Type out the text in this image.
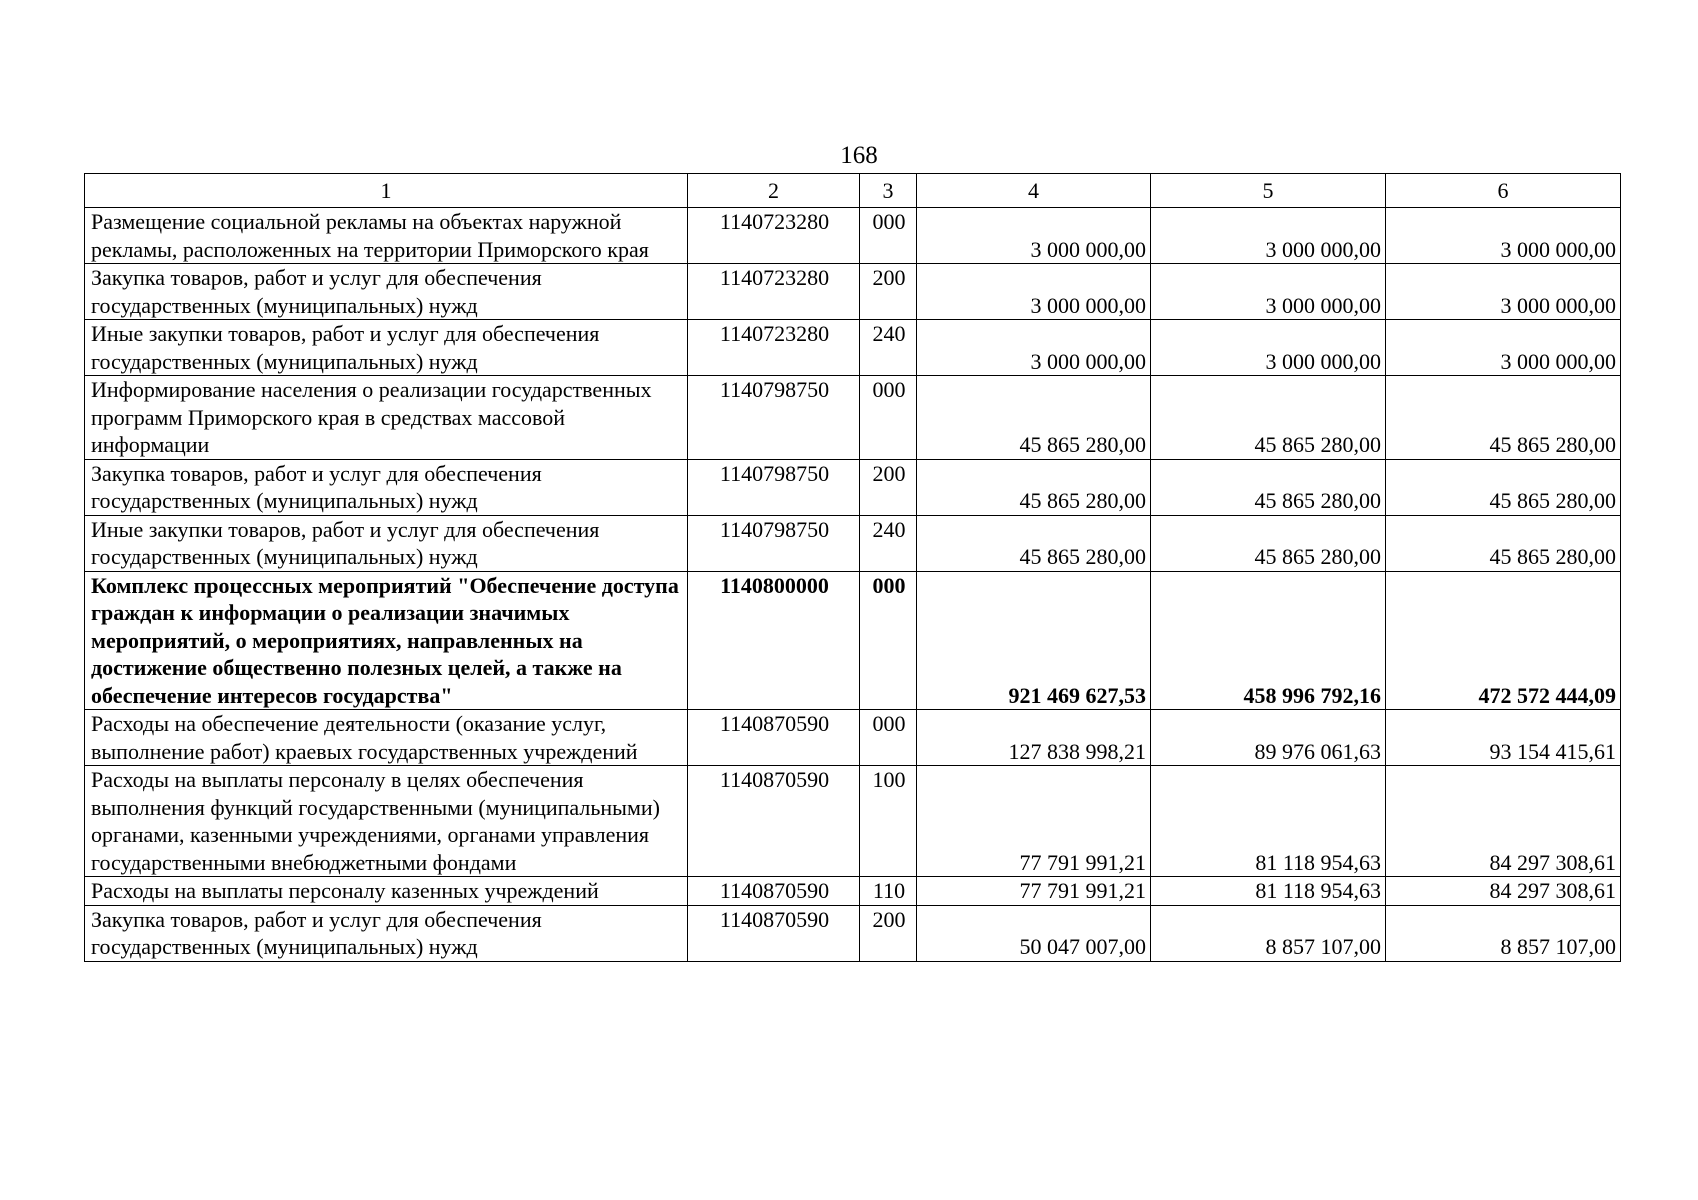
168
1	2	3	4	5	6
Размещение социальной рекламы на объектах наружной рекламы, расположенных на территории Приморского края	1140723280	000	3 000 000,00	3 000 000,00	3 000 000,00
Закупка товаров, работ и услуг для обеспечения государственных (муниципальных) нужд	1140723280	200	3 000 000,00	3 000 000,00	3 000 000,00
Иные закупки товаров, работ и услуг для обеспечения государственных (муниципальных) нужд	1140723280	240	3 000 000,00	3 000 000,00	3 000 000,00
Информирование населения о реализации государственных программ Приморского края в средствах массовой информации	1140798750	000	45 865 280,00	45 865 280,00	45 865 280,00
Закупка товаров, работ и услуг для обеспечения государственных (муниципальных) нужд	1140798750	200	45 865 280,00	45 865 280,00	45 865 280,00
Иные закупки товаров, работ и услуг для обеспечения государственных (муниципальных) нужд	1140798750	240	45 865 280,00	45 865 280,00	45 865 280,00
Комплекс процессных мероприятий "Обеспечение доступа граждан к информации о реализации значимых мероприятий, о мероприятиях, направленных на достижение общественно полезных целей, а также на обеспечение интересов государства"	1140800000	000	921 469 627,53	458 996 792,16	472 572 444,09
Расходы на обеспечение деятельности (оказание услуг, выполнение работ) краевых государственных учреждений	1140870590	000	127 838 998,21	89 976 061,63	93 154 415,61
Расходы на выплаты персоналу в целях обеспечения выполнения функций государственными (муниципальными) органами, казенными учреждениями, органами управления государственными внебюджетными фондами	1140870590	100	77 791 991,21	81 118 954,63	84 297 308,61
Расходы на выплаты персоналу казенных учреждений	1140870590	110	77 791 991,21	81 118 954,63	84 297 308,61
Закупка товаров, работ и услуг для обеспечения государственных (муниципальных) нужд	1140870590	200	50 047 007,00	8 857 107,00	8 857 107,00
